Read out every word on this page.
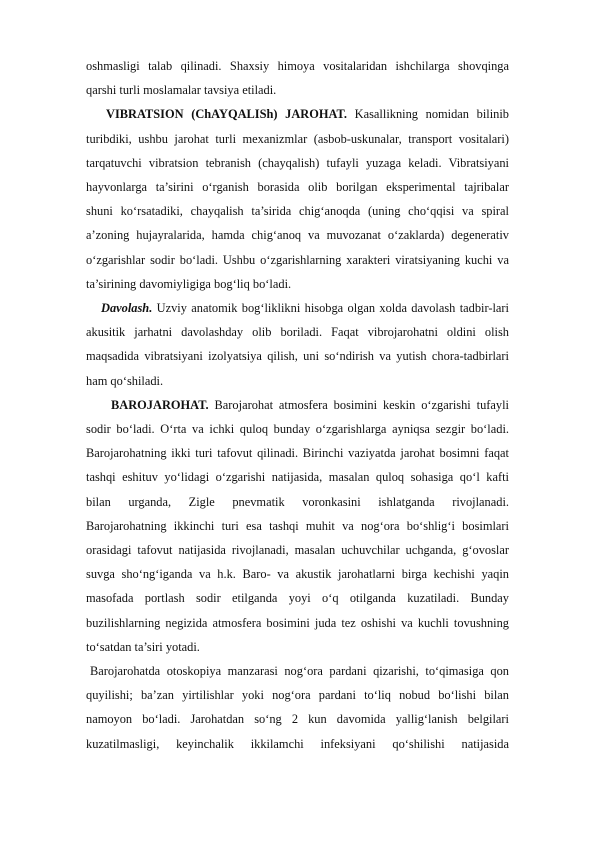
oshmasligi talab qilinadi. Shaxsiy himoya vositalaridan ishchilarga shovqinga
qarshi turli moslamalar tavsiya etiladi.
VIBRATSION (ChAYQALISh) JAROHAT. Kasallikning nomidan bilinib
turibdiki, ushbu jarohat turli mexanizmlar (asbob-uskunalar, transport vositalari)
tarqatuvchi vibratsion tebranish (chayqalish) tufayli yuzaga keladi. Vibratsiyani
hayvonlarga ta’sirini o‘rganish borasida olib borilgan eksperimental tajribalar
shuni ko‘rsatadiki, chayqalish ta’sirida chig‘anoqda (uning cho‘qqisi va spiral
a’zoning hujayralarida, hamda chig‘anoq va muvozanat o‘zaklarda) degenerativ
o‘zgarishlar sodir bo‘ladi. Ushbu o‘zgarishlarning xarakteri viratsiyaning kuchi va
ta’sirining davomiyligiga bog‘liq bo‘ladi.
Davolash. Uzviy anatomik bog‘liklikni hisobga olgan xolda davolash tadbir-lari
akusitik jarhatni davolashday olib boriladi. Faqat vibrojarohatni oldini olish
maqsadida vibratsiyani izolyatsiya qilish, uni so‘ndirish va yutish chora-tadbirlari
ham qo‘shiladi.
BAROJAROHAT. Barojarohat atmosfera bosimini keskin o‘zgarishi tufayli
sodir bo‘ladi. O‘rta va ichki quloq bunday o‘zgarishlarga ayniqsa sezgir bo‘ladi.
Barojarohatning ikki turi tafovut qilinadi. Birinchi vaziyatda jarohat bosimni faqat
tashqi eshituv yo‘lidagi o‘zgarishi natijasida, masalan quloq sohasiga qo‘l kafti
bilan urganda, Zigle pnevmatik voronkasini ishlatganda rivojlanadi.
Barojarohatning ikkinchi turi esa tashqi muhit va nog‘ora bo‘shlig‘i bosimlari
orasidagi tafovut natijasida rivojlanadi, masalan uchuvchilar uchganda, g‘ovoslar
suvga sho‘ng‘iganda va h.k. Baro- va akustik jarohatlarni birga kechishi yaqin
masofada portlash sodir etilganda yoyi o‘q otilganda kuzatiladi. Bunday
buzilishlarning negizida atmosfera bosimini juda tez oshishi va kuchli tovushning
to‘satdan ta’siri yotadi.
Barojarohatda otoskopiya manzarasi nog‘ora pardani qizarishi, to‘qimasiga qon
quyilishi; ba’zan yirtilishlar yoki nog‘ora pardani to‘liq nobud bo‘lishi bilan
namoyon bo‘ladi. Jarohatdan so‘ng 2 kun davomida yallig‘lanish belgilari
kuzatilmasligi, keyinchalik ikkilamchi infeksiyani qo‘shilishi natijasida
